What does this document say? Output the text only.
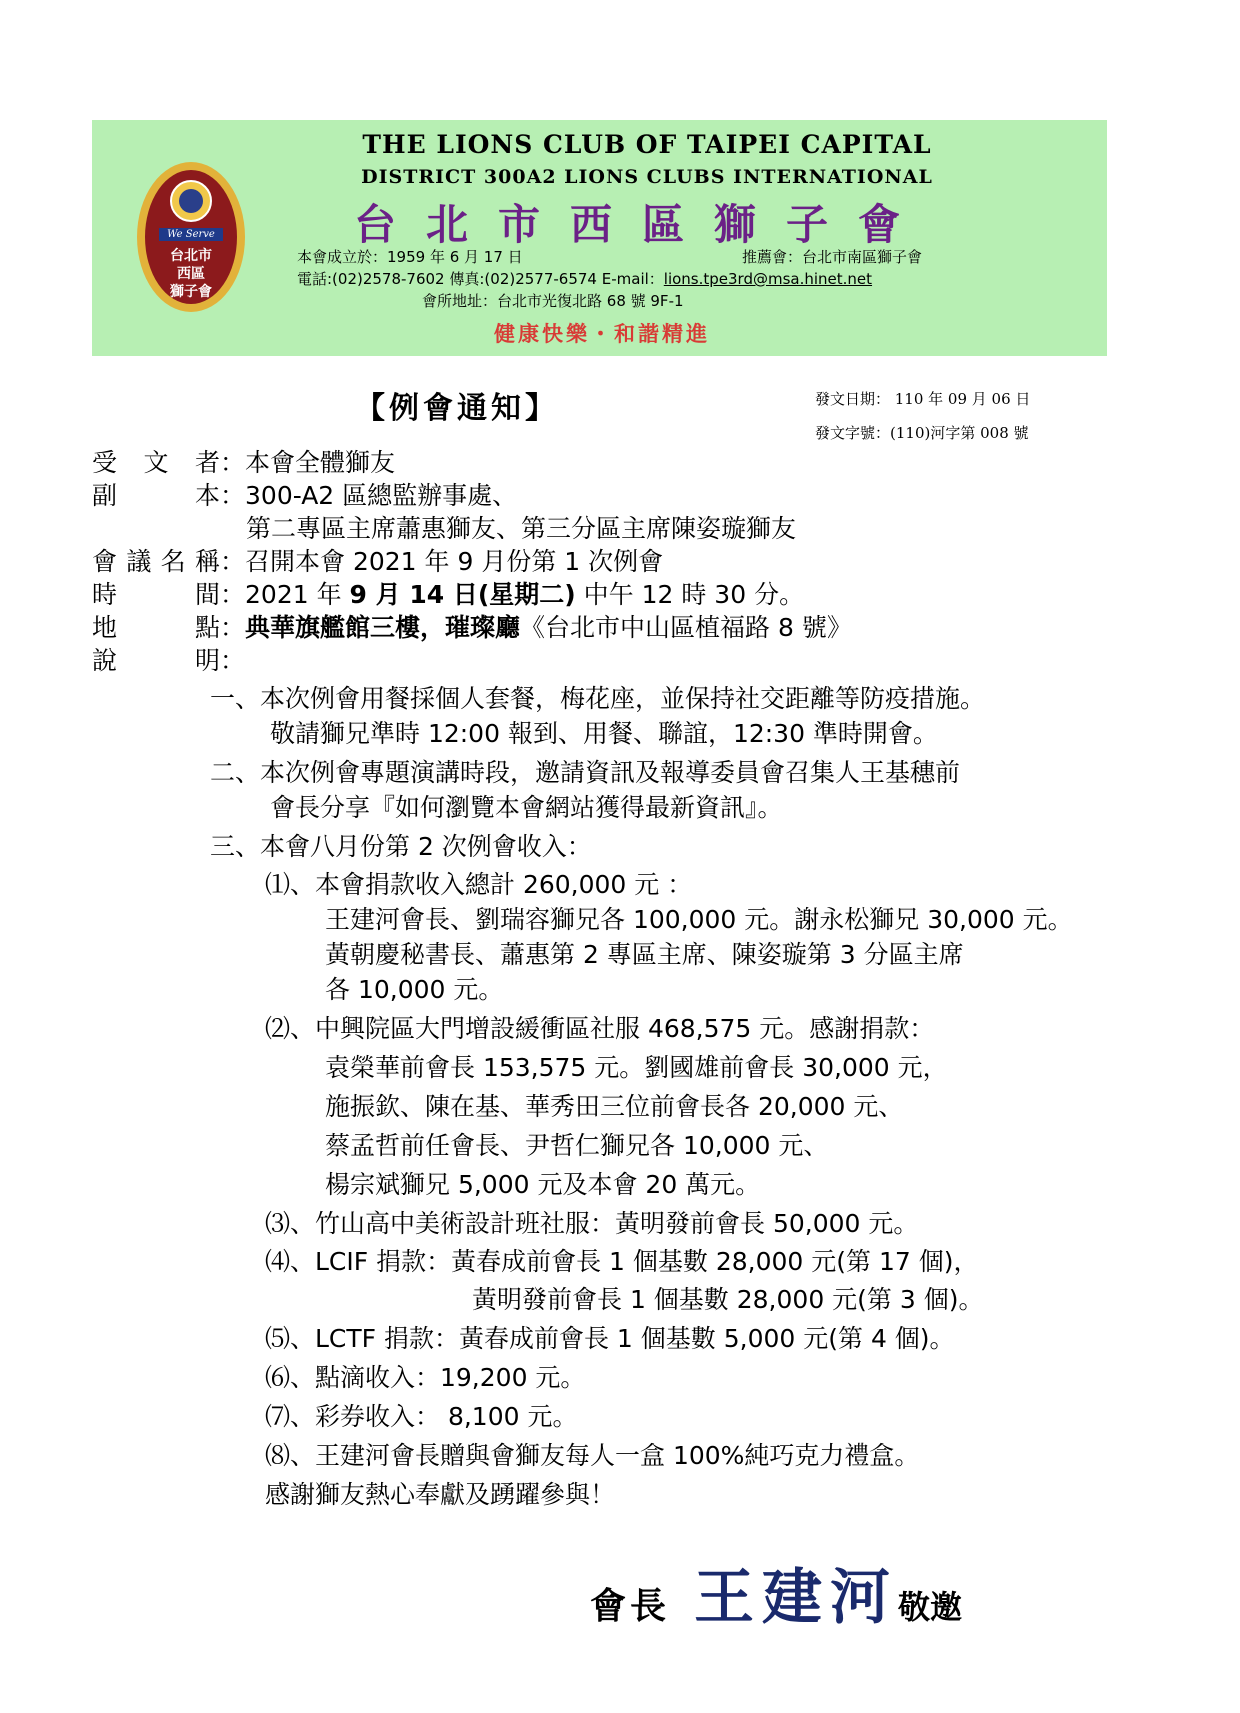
We Serve
台北市
西區
獅子會
THE LIONS CLUB OF TAIPEI CAPITAL
DISTRICT 300A2 LIONS CLUBS INTERNATIONAL
台北市西區獅子會
本會成立於：1959 年 6 月 17 日	推薦會：台北市南區獅子會
電話:(02)2578-7602 傳真:(02)2577-6574 E-mail：lions.tpe3rd@msa.hinet.net
會所地址：台北市光復北路 68 號 9F-1
健康快樂・和諧精進
【例會通知】	發文日期： 110 年 09 月 06 日
發文字號：(110)河字第 008 號
受文者：本會全體獅友
副本：300-A2 區總監辦事處、
第二專區主席蕭惠獅友、第三分區主席陳姿璇獅友
會議名稱：召開本會 2021 年 9 月份第 1 次例會
時間：2021 年 9 月 14 日(星期二) 中午 12 時 30 分。
地點：典華旗艦館三樓，璀璨廳《台北市中山區植福路 8 號》
說明：
一、本次例會用餐採個人套餐，梅花座，並保持社交距離等防疫措施。
敬請獅兄準時 12:00 報到、用餐、聯誼，12:30 準時開會。
二、本次例會專題演講時段，邀請資訊及報導委員會召集人王基穗前
會長分享『如何瀏覽本會網站獲得最新資訊』。
三、本會八月份第 2 次例會收入：
⑴、本會捐款收入總計 260,000 元 ：
王建河會長、劉瑞容獅兄各 100,000 元。謝永松獅兄 30,000 元。
黃朝慶秘書長、蕭惠第 2 專區主席、陳姿璇第 3 分區主席
各 10,000 元。
⑵、中興院區大門增設緩衝區社服 468,575 元。感謝捐款：
袁榮華前會長 153,575 元。劉國雄前會長 30,000 元，
施振欽、陳在基、華秀田三位前會長各 20,000 元、
蔡孟哲前任會長、尹哲仁獅兄各 10,000 元、
楊宗斌獅兄 5,000 元及本會 20 萬元。
⑶、竹山高中美術設計班社服：黃明發前會長 50,000 元。
⑷、LCIF 捐款：黃春成前會長 1 個基數 28,000 元(第 17 個)，
黃明發前會長 1 個基數 28,000 元(第 3 個)。
⑸、LCTF 捐款：黃春成前會長 1 個基數 5,000 元(第 4 個)。
⑹、點滴收入：19,200 元。
⑺、彩券收入： 8,100 元。
⑻、王建河會長贈與會獅友每人一盒 100%純巧克力禮盒。
感謝獅友熱心奉獻及踴躍參與！
會長 王建河敬邀
